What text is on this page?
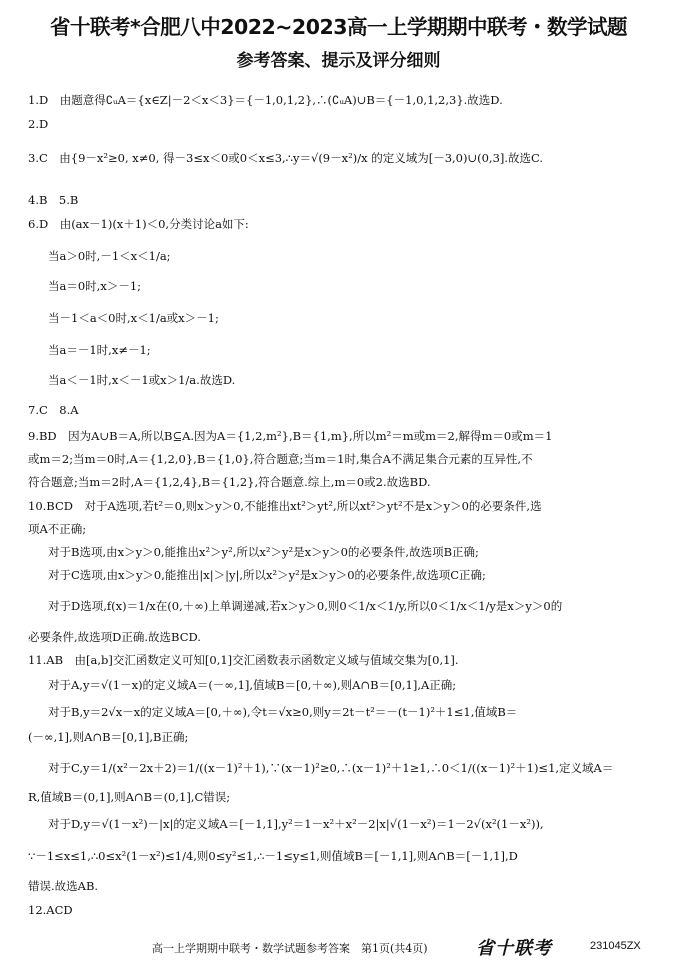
省十联考*合肥八中2022~2023高一上学期期中联考・数学试题
参考答案、提示及评分细则
1.D　由题意得∁ᵤA＝{x∈Z|－2＜x＜3}＝{－1,0,1,2},∴(∁ᵤA)∪B＝{－1,0,1,2,3}.故选D.
2.D
3.C　由{9－x²≥0, x≠0, 得－3≤x＜0或0＜x≤3,∴y＝√(9－x²)/x 的定义域为[－3,0)∪(0,3].故选C.
4.B　5.B
6.D　由(ax－1)(x＋1)＜0,分类讨论a如下:
当a＞0时,－1＜x＜1/a;
当a＝0时,x＞－1;
当－1＜a＜0时,x＜1/a或x＞－1;
当a＝－1时,x≠－1;
当a＜－1时,x＜－1或x＞1/a.故选D.
7.C　8.A
9.BD　因为A∪B＝A,所以B⊆A.因为A＝{1,2,m²},B＝{1,m},所以m²＝m或m＝2,解得m＝0或m＝1
或m＝2;当m＝0时,A＝{1,2,0},B＝{1,0},符合题意;当m＝1时,集合A不满足集合元素的互异性,不
符合题意;当m＝2时,A＝{1,2,4},B＝{1,2},符合题意.综上,m＝0或2.故选BD.
10.BCD　对于A选项,若t²＝0,则x＞y＞0,不能推出xt²＞yt²,所以xt²＞yt²不是x＞y＞0的必要条件,选
项A不正确;
对于B选项,由x＞y＞0,能推出x²＞y²,所以x²＞y²是x＞y＞0的必要条件,故选项B正确;
对于C选项,由x＞y＞0,能推出|x|＞|y|,所以x²＞y²是x＞y＞0的必要条件,故选项C正确;
对于D选项,f(x)＝1/x在(0,＋∞)上单调递减,若x＞y＞0,则0＜1/x＜1/y,所以0＜1/x＜1/y是x＞y＞0的
必要条件,故选项D正确.故选BCD.
11.AB　由[a,b]交汇函数定义可知[0,1]交汇函数表示函数定义域与值域交集为[0,1].
对于A,y＝√(1－x)的定义域A＝(－∞,1],值域B＝[0,＋∞),则A∩B＝[0,1],A正确;
对于B,y＝2√x－x的定义域A＝[0,＋∞),令t＝√x≥0,则y＝2t－t²＝－(t－1)²＋1≤1,值域B＝
(－∞,1],则A∩B＝[0,1],B正确;
对于C,y＝1/(x²－2x＋2)＝1/((x－1)²＋1),∵(x－1)²≥0,∴(x－1)²＋1≥1,∴0＜1/((x－1)²＋1)≤1,定义域A＝
R,值域B＝(0,1],则A∩B＝(0,1],C错误;
对于D,y＝√(1－x²)－|x|的定义域A＝[－1,1],y²＝1－x²＋x²－2|x|√(1－x²)＝1－2√(x²(1－x²)),
∵－1≤x≤1,∴0≤x²(1－x²)≤1/4,则0≤y²≤1,∴－1≤y≤1,则值域B＝[－1,1],则A∩B＝[－1,1],D
错误.故选AB.
12.ACD
高一上学期期中联考・数学试题参考答案　第1页(共4页)	省十联考	231045ZX
